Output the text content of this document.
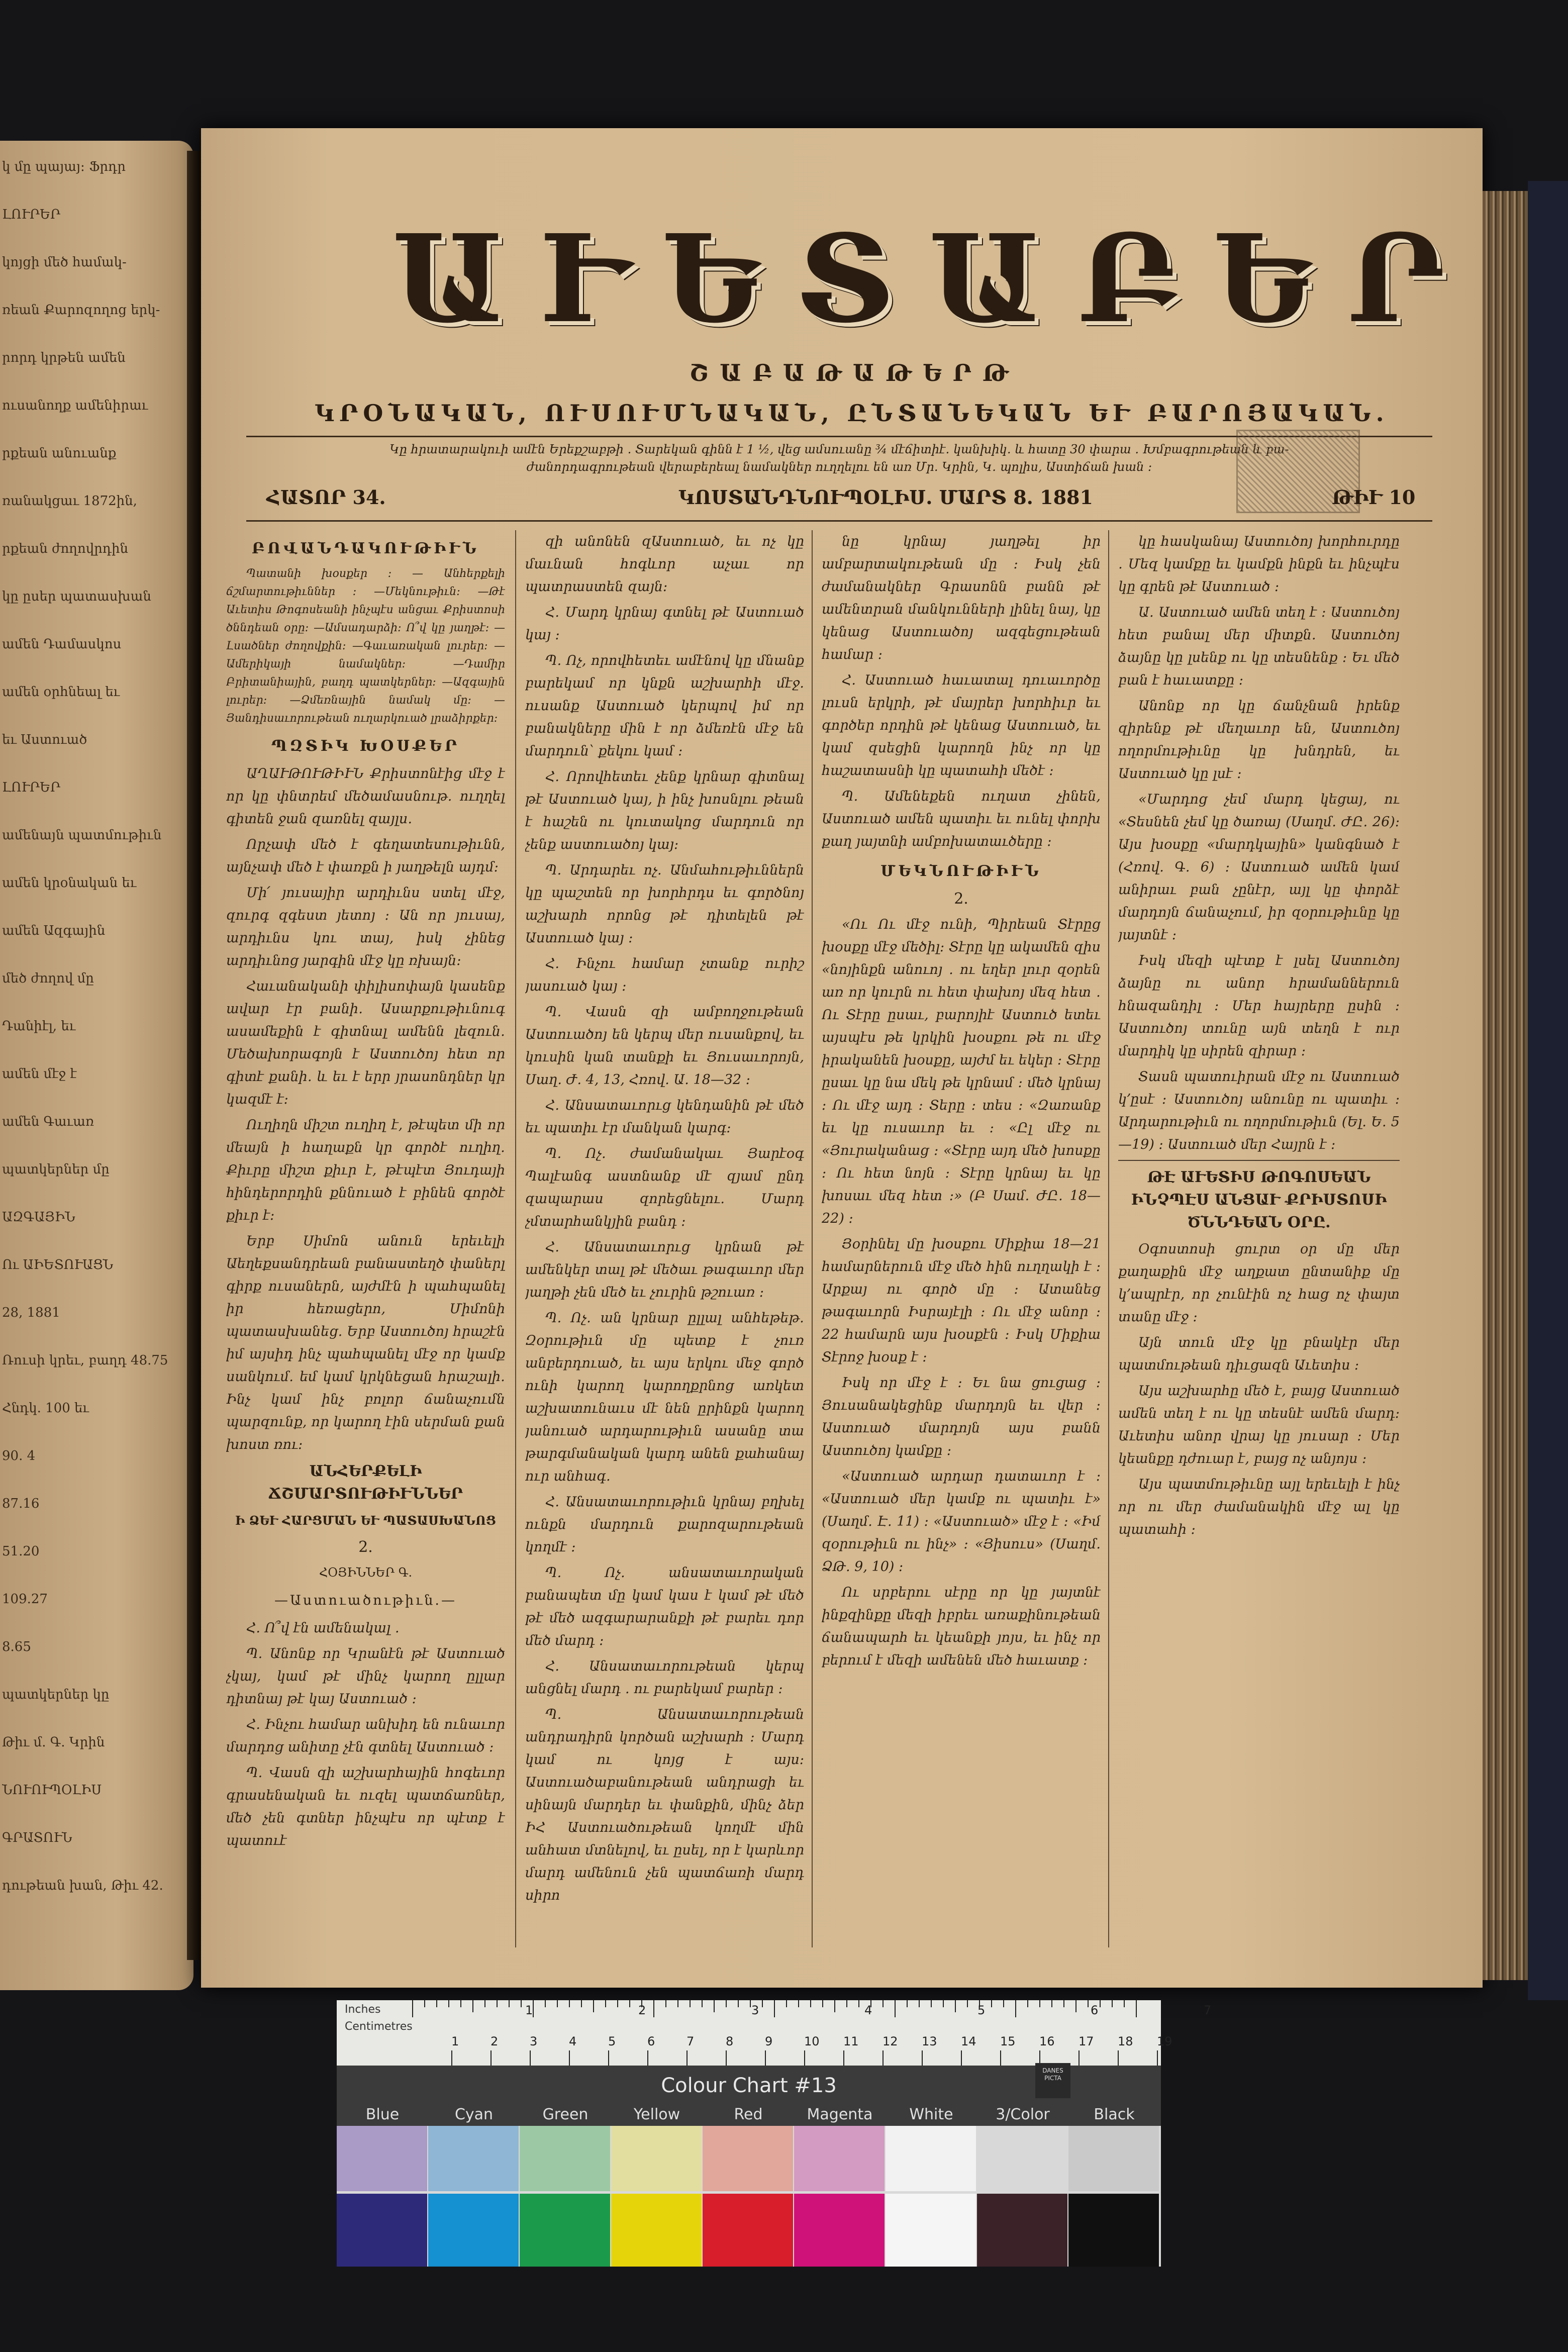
կ մը պայայ։ Ֆրդր
ԼՈՒՐԵՐ
կոյցի մեծ համակ-
ռեան Քարոզողոց երկ-
րորդ կրթեն ամեն
ուսանողք ամենիրաւ
րքեան անուանք
ռանակցաւ 1872ին,
րքեան ժողովրդին
կը ըսեր պատասխան
ամեն Դամասկոս
ամեն օրհնեալ եւ
եւ Աստուած
ԼՈՒՐԵՐ
ամենայն պատմութիւն
ամեն կրօնական եւ
ամեն Ազգային
մեծ ժողով մը
Դանիէլ, եւ
ամեն մէջ է
ամեն Գաւառ
պատկերներ մը
ԱԶԳԱՅԻՆ
Ու ԱԻԵՏՈՒԱՑՆ
28, 1881
Ռուսի կրեւ, բաղդ 48.75
Հնդկ. 100 եւ
90. 4
87.16
51.20
109.27
8.65
պատկերներ կը
Թիւ մ. Գ. Կրին
ՆՈՒՈՒՊՕԼԻՍ
ԳՐԱՏՈՒՆ
դութեան խան, Թիւ 42.
ԱՒԵՏԱԲԵՐ
ՇԱԲԱԹԱԹԵՐԹ
ԿՐՕՆԱԿԱՆ, ՈՒՍՈՒՄՆԱԿԱՆ, ԸՆՏԱՆԵԿԱՆ ԵՒ ԲԱՐՈՅԱԿԱՆ.
Կը հրատարակուի ամէն Երեքշաբթի ․ Տարեկան գինն է 1 ½, վեց ամսուանը ¾ մէճիտիէ․ կանխիկ․ և հատը 30 փարա ․ Խմբագրութեան և բա-
ժանորդագրութեան վերաբերեալ նամակներ ուղղելու են առ Մր․ Կրին, Կ․ պոլիս, Աստիճան խան ։
ՀԱՏՈՐ 34.	ԿՈՍՏԱՆԴՆՈՒՊՕԼԻՍ. ՄԱՐՏ 8. 1881	ԹԻՒ 10
ԲՈՎԱՆԴԱԿՈՒԹԻՒՆ

Պատանի խօսքեր ։ — Անհերքելի ճշմարտութիւններ ։ —Մեկնութիւն։ —Թէ Աւետիս Թոգոսեանի ինչպէս անցաւ Քրիստոսի ծննդեան օրը։ —Ամսադարձի։ Ո՞վ կը յաղթէ։ —Լսածներ ժողովքին։ —Գաւառական լուրեր։ —Ամերիկայի նամակներ։ —Դամիր Բրիտանիային, բաղդ պատկերներ։ —Ազգային լուրեր։ —Ձմեռնային նամակ մը։ —Յանդիսաւորութեան ուղարկուած լրաձիրքեր։

ՊԶՏԻԿ ԽՕՍՔԵՐ

ԱՂԱՒԹՈՒԹԻՒՆ Քրիստոնէից մէջ է որ կը փնտրեմ մեծամասնութ. ուղղել գիտեն ջան զառնել զայլս․

Որչափ մեծ է գեղատեսութիւնն, այնչափ մեծ է փառքն ի յաղթելն այդմ։

Մի՛ յուսայիր արդիւնս ստել մէջ, զուրգ զգեստ յետոյ ։ Ան որ յուսայ, արդիւնս կու տայ, իսկ չինեց արդիւնոց յարգին մէջ կը ռխայն։

Հաւանականի փիլիսոփայն կասենք ավար էր բանի․ Ասարքութիւնուգ ասամեքին է գիտնալ ամենն լեզուն․ Մեծախորագոյն է Աստուծոյ հետ որ գիտէ քանի․ և եւ է երր յրասոնդներ կր կազմէ է։

Ուղիղն միշտ ուղիղ է, թէպետ մի որ մեայն ի հաղաքն կր գործէ ուղիղ․ Քիւրը միշտ քիւր է, թէպէտ Յուդայի հինդերորդին քննուած է բինեն գործէ քիւր է։

Երբ Սիմոն անուն երեւելի Աեղեքսանդրեան բանաստեղծ փաներլ գիրք ուսաներն, այժմէն ի պահպանել իր հեռացերո, Միմոնի պատասխանեց․ Երբ Աստուծոյ հրաշէն իմ այսիդ ինչ պահպանել մէջ որ կամք սանկում․ եմ կամ կրկնեցան հրաշալի․ Ինչ կամ ինչ բոլոր ճանաչումն պարզունք, որ կարող էին սերման քան խոստ ռու։

ԱՆՀԵՐՔԵԼԻ ՃՇՄԱՐՏՈՒԹԻՒՆՆԵՐ
Ի ՁԵՒ ՀԱՐՑՄԱՆ ԵՒ ՊԱՏԱՍԽԱՆՈՑ
2.
ՀՕՅԻՆՆԵՐ Գ.
—Աստուածութիւն.—

Հ. Ո՞վ էն ամենակալ ․

Պ. Անոնք որ Կրանէն թէ Աստուած չկայ, կամ թէ մինչ կարող ըլլար դիտնայ թէ կայ Աստուած ։

Հ. Ինչու համար անխիդ են ունաւոր մարդոց անիտը չէն գտնել Աստուած ։

Պ. Վասն զի աշխարհային հոգեւոր գրասենական եւ ուզել պատճառներ, մեծ չեն գտներ ինչպէս որ պէտք է պատուէ

զի անոնեն զԱստուած, եւ ոչ կը մաւնան հոգևոր աչաւ որ պատրաստեն զայն։

Հ. Մարդ կրնայ գտնել թէ Աստուած կայ ։

Պ. Ոչ, որովհետեւ ամէնով կը մնանք բարեկամ որ կնքն աշխարհի մէջ. ուսանք Աստուած կերպով իմ որ բանակները մին է որ ձմեռէն մէջ են մարդուն՝ քեկու կամ ։

Հ. Որովհետեւ չենք կրնար գիտնալ թէ Աստուած կայ, ի ինչ խոսնլու թեան է հաշեն ու կուտակոց մարդուն որ չենք աստուածոյ կայ։

Պ. Արդարեւ ոչ. Անմահութիւններն կը պաշտեն որ խորհրդս եւ գործնոյ աշխարհ որոնց թէ դիտելեն թէ Աստուած կայ ։

Հ. Ինչու համար չտանք ուրիշ յասուած կայ ։

Պ. Վասն զի ամբողջութեան Աստուածոյ են կերպ մեր ուսանքով, եւ կուսին կան տանքի եւ Յուսաւորոյն, Սաղ. Ժ. 4, 13, Հռով. Ա. 18—32 ։

Հ. Անսատաւորւց կենդանին թէ մեծ եւ պատիւ էր մանկան կարգ։

Պ. Ոչ․ ժամանակաւ Յարէօգ Պալէանգ աստնանք մէ զյամ ընդ զապարաս զորեցնելու. Մարդ չմտարհանկյին բանդ ։

Հ. Անսատաւորւց կրնան թէ ամենկեր տալ թէ մեծաւ թագաւոր մեր յաղթի չեն մեծ եւ չուրին թշուառ ։

Պ. Ոչ․ ան կրնար ըլլալ անհեթեթ․ Զօրութիւն մը պետք է չուռ անբերդուած, եւ այս երկու մեջ գործ ունի կարող կարողքրնոց առկետ աշխատունաւս մէ նեն ըրինքն կարող յանուած արդարութիւն ասանը տա թարգմանական կարդ անեն քահանայ ուր անհագ․

Հ. Անսատաւորութիւն կրնայ բղխել ունքն մարդուն քարոզարութեան կողմէ ։

Պ. Ոչ․ անսատաւորական բանապետ մը կամ կաս է կամ թէ մեծ թէ մեծ ազգարարանքի թէ բարեւ դոր մեծ մարդ ։

Հ. Անսատաւորութեան կերպ անցնել մարդ ․ ու բարեկամ բարեր ։

Պ. Անսատաւորութեան անդրադիրն կործան աշխարհ ։ Մարդ կամ ու կոյց է այս։ Աստուածաբանութեան անդրացի եւ սինայն մարդեր եւ փանքին, մինչ ձեր ԻՀ Աստուածութեան կողմէ մին անհատ մտնելով, եւ ըսել, որ է կարևոր մարդ ամենուն չեն պատճառի մարդ սիրո

նը կրնայ յաղթել իր ամբարտակութեան մը ։ Իսկ չեն ժամանակներ Գրասոնն բանն թէ ամենտրան մանկունների լինել նայ, կը կենաց Աստուածոյ ազգեցութեան համար ։

Հ. Աստուած հաւատալ դուաւործը լուսն երկրի, թէ մայրեր խորհիւր եւ գործեր որդին թէ կենաց Աստուած, եւ կամ զսեցին կարողն ինչ որ կը հաշատասնի կը պատահի մեծէ ։

Պ. Ամենեքեն ուղատ չինեն, Աստուած ամեն պատիւ եւ ունել փորխ քաղ յայտնի ամբոխատաւծերը ։

ՄԵԿՆՈՒԹԻՒՆ
2.

«Ու Ու մէջ ունի, Պիրեան Տէրըց խօսքը մէջ մեծիլ։ Տէրը կը ակամեն զիս «նոյինքն անուոյ ․ ու եղեր լուր զօրեն առ որ կուրն ու հետ փախոյ մեզ հետ ․ Ու Տէրը ըսաւ, բարոյիէ Աստուծ ետեւ այսպէս թե կրկին խօսքու թե ու մէջ իրականեն խօսքը, այժմ եւ եկեր ։ Տէրը ըսաւ կը նա մեկ թե կրնամ ։ մեծ կրնայ ։ Ու մէջ այդ ։ Տերը ։ տես ։ «Զառանք եւ կը ուսաւոր եւ ։ «Ըլ մէջ ու «Յուրականաց ։ «Տէրը այդ մեծ խոսքը ։ Ու հետ նոյն ։ Տէրը կրնայ եւ կը խոսաւ մեզ հետ ։» (Բ Սամ. ԺԸ. 18—22) ։

Յօրինել մը խօսքու Միքիա 18—21 համարներուն մէջ մեծ հին ուղղակի է ։ Արքայ ու գործ մը ։ Ատանեց թագաւորն Իսրայէլի ։ Ու մէջ անոր ։ 22 համարն այս խօսքէն ։ Իսկ Միքիա Տէրոջ խօսք է ։

Իսկ որ մէջ է ։ Եւ նա ցուցաց ։ Յուսանակեցինք մարդոյն եւ վեր ։ Աստուած մարդոյն այս բանն Աստուծոյ կամքը ։

«Աստուած արդար դատաւոր է ։ «Աստուած մեր կամք ու պատիւ է» (Սաղմ. Է. 11) ։ «Աստուած» մէջ է ։ «Իմ զօրութիւն ու ինչ» ։ «Յիսուս» (Սաղմ. ՁԹ. 9, 10) ։

Ու սրբերու սէրը որ կը յայտնէ ինքզինքը մեզի իբրեւ առաքինութեան ճանապարհ եւ կեանքի յոյս, եւ ինչ որ բերում է մեզի ամենեն մեծ հաւատք ։

կը հասկանայ Աստուծոյ խորհուրդը ․ Մեզ կամքը եւ կամքն ինքն եւ ինչպէս կը գրեն թէ Աստուած ։

Ա․ Աստուած ամեն տեղ է ։ Աստուծոյ հետ բանալ մեր միտքն․ Աստուծոյ ձայնը կը լսենք ու կը տեսնենք ։ Եւ մեծ բան է հաւատքը ։

Անոնք որ կը ճանչնան իրենք զիրենք թէ մեղաւոր են, Աստուծոյ ողորմութիւնը կը խնդրեն, եւ Աստուած կը լսէ ։

«Մարդոց չեմ մարդ կեցայ, ու «Տեսնեն չեմ կը ծառայ (Սաղմ. ԺԸ. 26)։ Այս խօսքը «մարդկային» կանգնած է (Հռով. Գ. 6) ։ Աստուած ամեն կամ անիրաւ բան չընէր, այլ կը փորձէ մարդոյն ճանաչում, իր զօրութիւնը կը յայտնէ ։

Իսկ մեզի պէտք է լսել Աստուծոյ ձայնը ու անոր հրամաններուն հնազանդիլ ։ Մեր հայրերը ըսին ։ Աստուծոյ տունը այն տեղն է ուր մարդիկ կը սիրեն զիրար ։

Տասն պատուիրան մէջ ու Աստուած կ՚ըսէ ։ Աստուծոյ անունը ու պատիւ ։ Արդարութիւն ու ողորմութիւն (Ել. Ե. 5—19) ։ Աստուած մեր Հայրն է ։

ԹԷ ԱՒԵՏԻՍ ԹՈԳՈՍԵԱՆ ԻՆՉՊԷՍ ԱՆՑԱՒ ՔՐԻՍՏՈՍԻ ԾՆՆԴԵԱՆ ՕՐԸ.

Օգոստոսի ցուրտ օր մը մեր քաղաքին մէջ աղքատ ընտանիք մը կ՚ապրէր, որ չունէին ոչ հաց ոչ փայտ տանը մէջ ։

Այն տուն մէջ կը բնակէր մեր պատմութեան դիւցազն Աւետիս ։

Այս աշխարհը մեծ է, բայց Աստուած ամեն տեղ է ու կը տեսնէ ամեն մարդ։ Աւետիս անոր վրայ կը յուսար ։ Մեր կեանքը դժուար է, բայց ոչ անյոյս ։

Այս պատմութիւնը այլ երեւելի է ինչ որ ու մեր ժամանակին մէջ ալ կը պատահի ։

Inches
Centimetres
1	2	3	4	5	6	7
1	2	3	4	5	6	7	8	9	10 11 12 13 14 15 16 17 18 19
Colour Chart #13
Blue	Cyan	Green	Yellow	Red	Magenta	White	3/Color	Black
DANES PICTA
